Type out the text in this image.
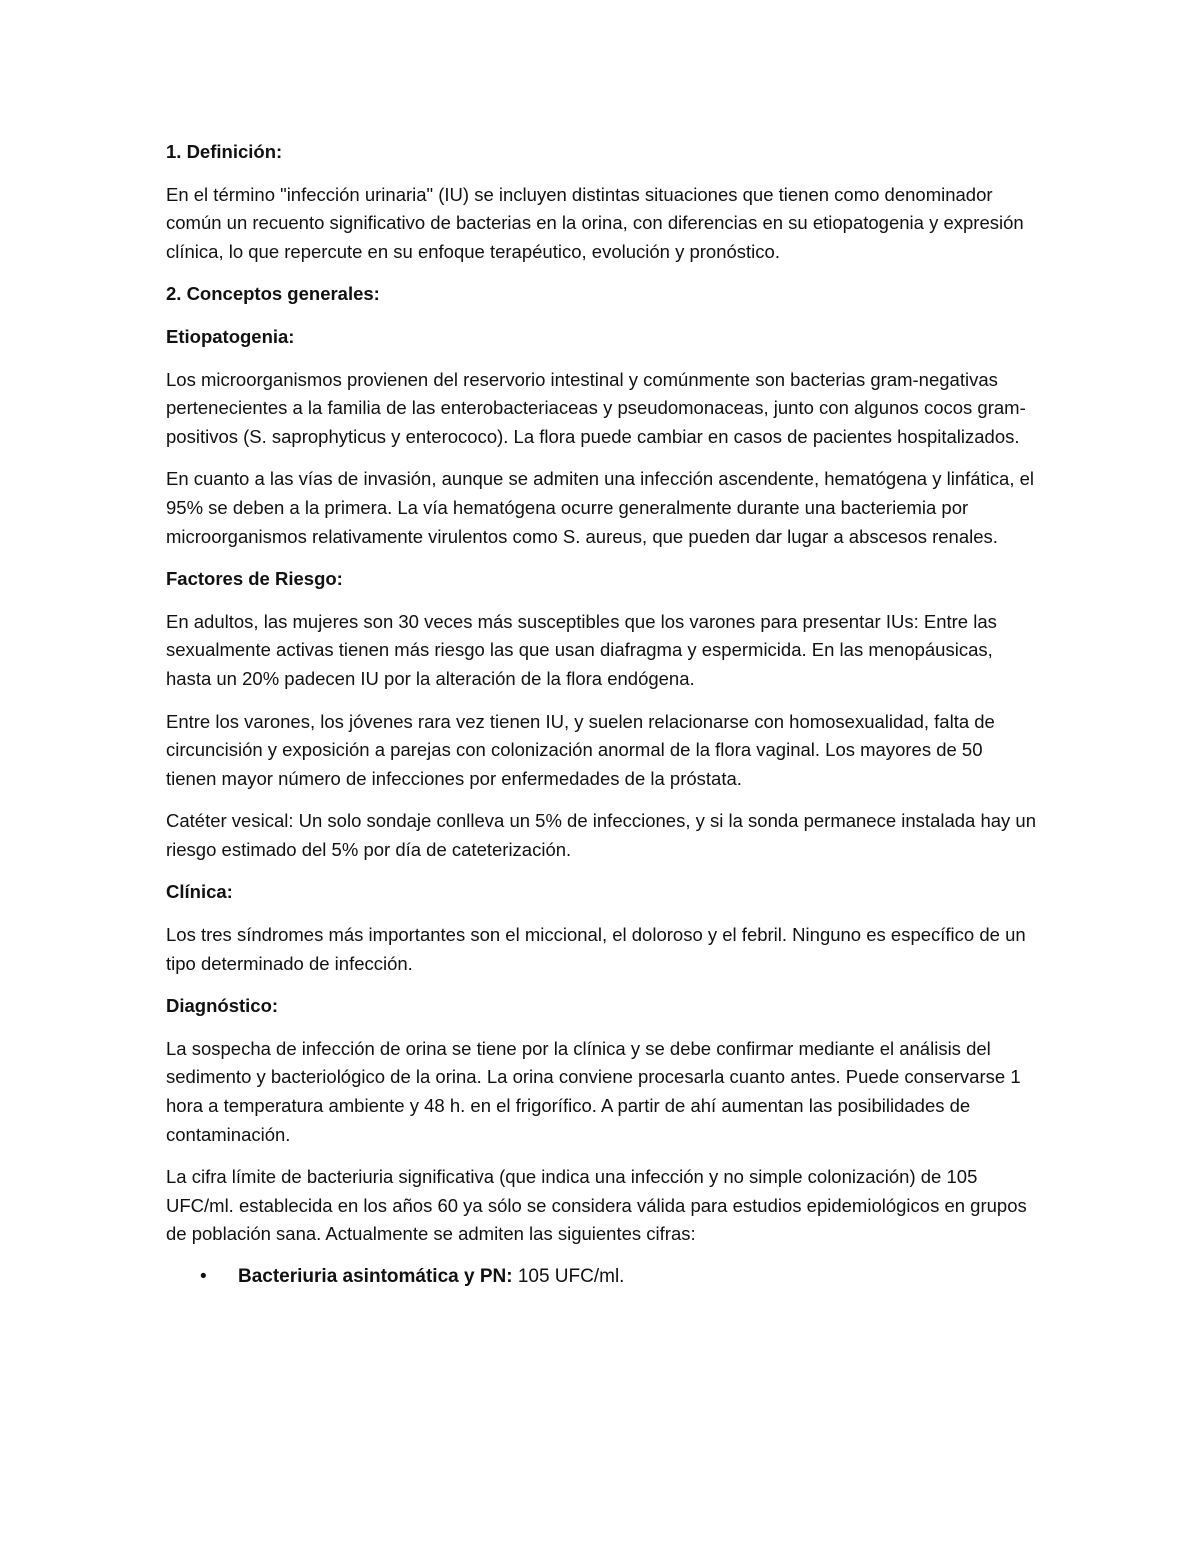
1. Definición:

En el término "infección urinaria" (IU) se incluyen distintas situaciones que tienen como denominador común un recuento significativo de bacterias en la orina, con diferencias en su etiopatogenia y expresión clínica, lo que repercute en su enfoque terapéutico, evolución y pronóstico.

2. Conceptos generales:
Etiopatogenia:

Los microorganismos provienen del reservorio intestinal y comúnmente son bacterias gram-negativas pertenecientes a la familia de las enterobacteriaceas y pseudomonaceas, junto con algunos cocos gram-positivos (S. saprophyticus y enterococo). La flora puede cambiar en casos de pacientes hospitalizados.

En cuanto a las vías de invasión, aunque se admiten una infección ascendente, hematógena y linfática, el 95% se deben a la primera. La vía hematógena ocurre generalmente durante una bacteriemia por microorganismos relativamente virulentos como S. aureus, que pueden dar lugar a abscesos renales.

Factores de Riesgo:

En adultos, las mujeres son 30 veces más susceptibles que los varones para presentar IUs: Entre las sexualmente activas tienen más riesgo las que usan diafragma y espermicida. En las menopáusicas, hasta un 20% padecen IU por la alteración de la flora endógena.

Entre los varones, los jóvenes rara vez tienen IU, y suelen relacionarse con homosexualidad, falta de circuncisión y exposición a parejas con colonización anormal de la flora vaginal. Los mayores de 50 tienen mayor número de infecciones por enfermedades de la próstata.

Catéter vesical: Un solo sondaje conlleva un 5% de infecciones, y si la sonda permanece instalada hay un riesgo estimado del 5% por día de cateterización.

Clínica:

Los tres síndromes más importantes son el miccional, el doloroso y el febril. Ninguno es específico de un tipo determinado de infección.

Diagnóstico:

La sospecha de infección de orina se tiene por la clínica y se debe confirmar mediante el análisis del sedimento y bacteriológico de la orina. La orina conviene procesarla cuanto antes. Puede conservarse 1 hora a temperatura ambiente y 48 h. en el frigorífico. A partir de ahí aumentan las posibilidades de contaminación.

La cifra límite de bacteriuria significativa (que indica una infección y no simple colonización) de 105 UFC/ml. establecida en los años 60 ya sólo se considera válida para estudios epidemiológicos en grupos de población sana. Actualmente se admiten las siguientes cifras:

• Bacteriuria asintomática y PN: 105 UFC/ml.
